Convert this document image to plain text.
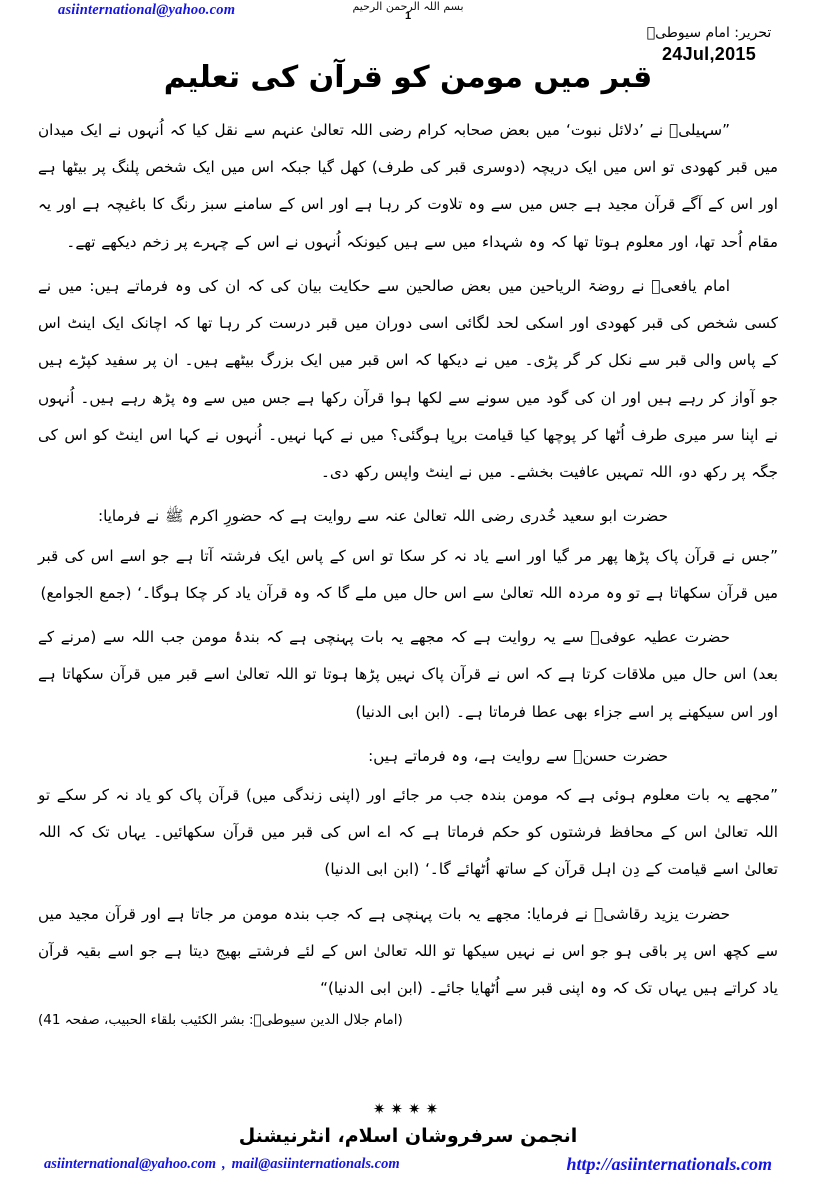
asiinternational@yahoo.com	بسم اللہ الرحمن الرحیم
1
تحریر: امام سیوطیؒ
24Jul,2015
قبر میں مومن کو قرآن کی تعلیم

”سہیلیؒ نے ’دلائل نبوت‘ میں بعض صحابہ کرام رضی اللہ تعالیٰ عنہم سے نقل کیا کہ اُنہوں نے ایک میدان میں قبر کھودی تو اس میں ایک دریچہ (دوسری قبر کی طرف) کھل گیا جبکہ اس میں ایک شخص پلنگ پر بیٹھا ہے اور اس کے آگے قرآن مجید ہے جس میں سے وہ تلاوت کر رہا ہے اور اس کے سامنے سبز رنگ کا باغیچہ ہے اور یہ مقام اُحد تھا، اور معلوم ہوتا تھا کہ وہ شہداء میں سے ہیں کیونکہ اُنہوں نے اس کے چہرے پر زخم دیکھے تھے۔

امام یافعیؒ نے روضۃ الریاحین میں بعض صالحین سے حکایت بیان کی کہ ان کی وہ فرماتے ہیں: میں نے کسی شخص کی قبر کھودی اور اسکی لحد لگائی اسی دوران میں قبر درست کر رہا تھا کہ اچانک ایک اینٹ اس کے پاس والی قبر سے نکل کر گر پڑی۔ میں نے دیکھا کہ اس قبر میں ایک بزرگ بیٹھے ہیں۔ ان پر سفید کپڑے ہیں جو آواز کر رہے ہیں اور ان کی گود میں سونے سے لکھا ہوا قرآن رکھا ہے جس میں سے وہ پڑھ رہے ہیں۔ اُنہوں نے اپنا سر میری طرف اُٹھا کر پوچھا کیا قیامت برپا ہوگئی؟ میں نے کہا نہیں۔ اُنہوں نے کہا اس اینٹ کو اس کی جگہ پر رکھ دو، اللہ تمہیں عافیت بخشے۔ میں نے اینٹ واپس رکھ دی۔

حضرت ابو سعید خُدری رضی اللہ تعالیٰ عنہ سے روایت ہے کہ حضورِ اکرم ﷺ نے فرمایا:

”جس نے قرآن پاک پڑھا پھر مر گیا اور اسے یاد نہ کر سکا تو اس کے پاس ایک فرشتہ آتا ہے جو اسے اس کی قبر میں قرآن سکھاتا ہے تو وہ مردہ اللہ تعالیٰ سے اس حال میں ملے گا کہ وہ قرآن یاد کر چکا ہوگا۔‘ (جمع الجوامع)

حضرت عطیہ عوفیؒ سے یہ روایت ہے کہ مجھے یہ بات پہنچی ہے کہ بندۂ مومن جب اللہ سے (مرنے کے بعد) اس حال میں ملاقات کرتا ہے کہ اس نے قرآن پاک نہیں پڑھا ہوتا تو اللہ تعالیٰ اسے قبر میں قرآن سکھاتا ہے اور اس سیکھنے پر اسے جزاء بھی عطا فرماتا ہے۔ (ابن ابی الدنیا)

حضرت حسنؒ سے روایت ہے، وہ فرماتے ہیں:

”مجھے یہ بات معلوم ہوئی ہے کہ مومن بندہ جب مر جائے اور (اپنی زندگی میں) قرآن پاک کو یاد نہ کر سکے تو اللہ تعالیٰ اس کے محافظ فرشتوں کو حکم فرماتا ہے کہ اے اس کی قبر میں قرآن سکھائیں۔ یہاں تک کہ اللہ تعالیٰ اسے قیامت کے دِن اہل قرآن کے ساتھ اُٹھائے گا۔‘ (ابن ابی الدنیا)

حضرت یزید رقاشیؒ نے فرمایا: مجھے یہ بات پہنچی ہے کہ جب بندہ مومن مر جاتا ہے اور قرآن مجید میں سے کچھ اس پر باقی ہو جو اس نے نہیں سیکھا تو اللہ تعالیٰ اس کے لئے فرشتے بھیج دیتا ہے جو اسے بقیہ قرآن یاد کراتے ہیں یہاں تک کہ وہ اپنی قبر سے اُٹھایا جائے۔ (ابن ابی الدنیا)“

(امام جلال الدین سیوطیؒ: بشر الکئیب بلقاء الحبیب، صفحہ 41)
✷✷✷✷
انجمن سرفروشان اسلام، انٹرنیشنل
asiinternational@yahoo.com , mail@asiinternationals.com	http://asiinternationals.com
